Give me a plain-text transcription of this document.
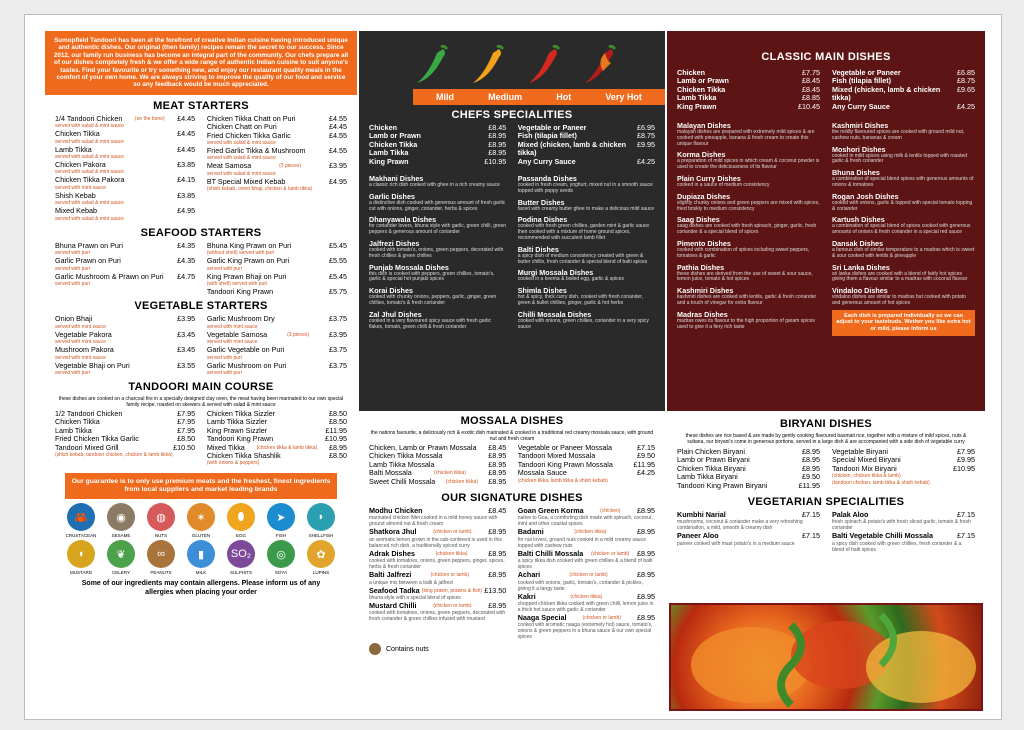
Sumopfield Tandoori has been at the forefront of creative Indian cuisine having introduced unique and authentic dishes. Our original (then family) recipes remain the secret to our success. Since 2012, our family run business has become an integral part of the community. Our chefs prepare all of our dishes completely fresh & we offer a wide range of authentic Indian cuisine to suit anyone's tastes. Find your favourite or try something new, and enjoy our restaurant quality meals in the comfort of your own home. We are always striving to improve the quality of our food and service so any feedback would be much appreciated.
MEAT STARTERS
1/4 Tandoori Chicken	(on the bone) £4.45
served with salad & mint sauce
Chicken Tikka	£4.45
served with salad & mint sauce
Lamb Tikka	£4.45
served with salad & mint sauce
Chicken Pakora	£3.85
served with salad & mint sauce
Chicken Tikka Pakora	£4.15
served with mint sauce
Shish Kebab	£3.85
served with salad & mint sauce
Mixed Kebab	£4.95
served with salad & mint sauce
Chicken Tikka Chatt on Puri	£4.55
Chicken Chatt on Puri	£4.45
Fried Chicken Tikka Garlic	£4.55
served with salad & mint sauce
Fried Garlic Tikka & Mushroom	£4.55
served with salad & mint sauce
Meat Samosa	(3 pieces)	£3.95
served with salad & mint sauce
BT Special Mixed Kebab	£4.95
(shish kebab, onion bhaji, chicken & lamb tikka)
SEAFOOD STARTERS
Bhuna Prawn on Puri	£4.35
served with puri
Garlic Prawn on Puri	£4.35
served with puri
Garlic Mushroom & Prawn on Puri £4.75
served with puri
Bhuna King Prawn on Puri	£5.45
(without shell) served with puri
Garlic King Prawn on Puri	£5.55
served with puri
King Prawn Bhaji on Puri	£5.45
(with shell) served with puri
Tandoori King Prawn	£5.75
VEGETABLE STARTERS
Onion Bhaji	£3.95
served with mint sauce
Vegetable Pakora	£3.45
served with mint sauce
Mushroom Pakora	£3.45
served with mint sauce
Vegetable Bhaji on Puri	£3.55
served with puri
Garlic Mushroom Dry	£3.75
served with mint sauce
Vegetable Samosa	(3 pieces)	£3.95
served with mint sauce
Garlic Vegetable on Puri	£3.75
served with puri
Garlic Mushroom on Puri	£3.75
served with puri
TANDOORI MAIN COURSE
these dishes are cooked on a charcoal fire in a specially designed clay oven, the meat having been marinated to our own special family recipe, roasted on skewers & served with salad & mint sauce
1/2 Tandoori Chicken	£7.95
Chicken Tikka	£7.95
Lamb Tikka	£7.95
Fried Chicken Tikka Garlic	£8.50
Tandoori Mixed Grill	£10.50
(shish kebab, tandoori chicken, chicken & lamb tikka)
Chicken Tikka Sizzler	£8.50
Lamb Tikka Sizzler	£8.50
King Prawn Sizzler	£11.95
Tandoori King Prawn	£10.95
Mixed Tikka (chicken tikka & lamb tikka) £8.95
Chicken Tikka Shashlik	£8.50
(with onions & peppers)
Our guarantee is to only use premium meats and the freshest, finest ingredients from local suppliers and market leading brands
🦀
CRUSTACEAN
◉
SESAME
◍
NUTS
✶
GLUTEN
⬮
EGG
➤
FISH
◗
SHELLFISH
◖
MUSTARD
❦
CELERY
∞
PEANUTS
▮
MILK
SO₂
SULPHITS
◎
SOYA
✿
LUPINS
Some of our ingredients may contain allergens. Please inform us of any allergies when placing your order
Mild	Medium	Hot	Very Hot
CHEFS SPECIALITIES
Chicken	£8.45
Lamb or Prawn	£8.95
Chicken Tikka	£8.95
Lamb Tikka	£8.95
King Prawn	£10.95
Vegetable or Paneer	£6.95
Fish (tilapia fillet)	£8.75
Mixed (chicken, lamb & chicken tikka)
£9.95
Any Curry Sauce	£4.25
Makhani Dishes
a classic rich dish cooked with ghee in a rich creamy sauce
Garlic Dishes
a distinctive dish cooked with generous amount of fresh garlic cut with onions, ginger, coriander, herbs & spices
Dhanyawala Dishes
for coriander lovers, bhuna style with garlic, green chilli, green peppers & generous amount of coriander
Jalfrezi Dishes
cooked with tomato's, onions, green peppers, decorated with fresh chillies & green chillies
Punjab Mossala Dishes
this dish is cooked with peppers, green chillies, tomato's, garlic & special hot punjabi spices
Korai Dishes
cooked with chunky onions, peppers, garlic, ginger, green chillies, tomato's & fresh coriander
Zal Jhul Dishes
cooked in a very flavoured spicy sauce with fresh garlic flakes, tomato, green chilli & fresh coriander
Passanda Dishes
cooked in fresh cream, yoghurt, mixed nut in a smooth sauce topped with poppy seeds
Butter Dishes
faced with creamy butter ghee to make a delicious mild sauce
Podina Dishes
cooked with fresh green chillies, garden mint & garlic sauce then cooked with a mixture of home ground spices, recommended with succulent lamb fillet
Balti Dishes
a spicy dish of medium consistency created with green & butter chillis, fresh coriander & special blend of balti spices
Murgi Mossala Dishes
cooked in a keema & boiled egg, garlic & spices
Shimla Dishes
hot & spicy, thick curry dish, cooked with fresh coriander, green & bullet chillies, ginger, garlic & hot herbs
Chilli Mossala Dishes
cooked with onions, green chillies, coriander in a very spicy sauce
MOSSALA DISHES
the nations favourite, a deliciously rich & exotic dish marinated & cooked in a traditional red creamy mossala sauce, with ground nut and fresh cream
Chicken, Lamb or Prawn Mossala £8.45
Chicken Tikka Mossala	£8.95
Lamb Tikka Mossala	£8.95
Balti Mossala	(chicken tikka)	£8.95
Sweet Chilli Mossala (chicken tikka) £8.95
Vegetable or Paneer Mossala	£7.15
Tandoori Mixed Mossala	£9.50
Tandoori King Prawn Mossala	£11.95
Mossala Sauce	£4.25
(chicken tikka, lamb tikka & shish kebab)
OUR SIGNATURE DISHES
Modhu Chicken	£8.45
marinated chicken fillet cooked in a mild honey sauce with ground almond nut & fresh cream
Shatkora Jhul	(chicken or lamb) £8.95
an aromatic lemon grown in the sub-continent is used in this balanced rich dish, a traditionally spiced curry
Adrak Dishes	(chicken tikka)	£8.95
cooked with tomatoes, onions, green peppers, ginger, spices, herbs & fresh coriander
Balti Jalfrezi	(chicken or lamb)	£8.95
a unique mix between a balti & jalfrezi
Seafood Tadka (king prawn, prawns & fish) £13.50
bhuna style with a special blend of spices
Mustard Chilli	(chicken or lamb) £8.95
cooked with tomatoes, onions, green peppers, decorated with fresh coriander & green chillies infused with mustard
Goan Green Korma	(chicken) £8.95
native to Goa, a comforting dish made with spinach, coconut, mint and other coastal spices
Badami	(chicken tikka)	£8.95
for nut lovers, ground nuts cooked in a mild creamy sauce topped with cashew nuts
Balti Chilli Mossala (chicken or lamb) £8.95
a spicy tikka dish cooked with green chillies & a blend of balti spices
Achari	(chicken or lamb)	£8.95
cooked with onions, garlic, tomato's, coriander & pickles, giving it a tangy taste
Kakri	(chicken tikka)	£8.95
chopped chicken tikka cooked with green chilli, lemon juice in a thick hot sauce with garlic & coriander
Naaga Special	(chicken or lamb) £8.95
cooked with aromatic naaga (extremely hot) sauce, tomato's, onions & green peppers in a bhuna sauce & our own special spices
Contains nuts
CLASSIC MAIN DISHES
Chicken	£7.75
Lamb or Prawn	£8.45
Chicken Tikka	£8.45
Lamb Tikka	£8.85
King Prawn	£10.45
Vegetable or Paneer	£6.85
Fish (tilapia fillet)	£8.75
Mixed (chicken, lamb & chicken tikka)
£9.65
Any Curry Sauce	£4.25
Malayan Dishes
malayan dishes are prepared with extremely mild spices & are cooked with pineapple, banana & fresh cream to create this unique flavour
Korma Dishes
a preparation of mild spices in which cream & coconut powder is used to create the deliciousness of its flavour
Plain Curry Dishes
cooked in a sauce of medium consistency
Dupiaza Dishes
slightly chunky onions and green peppers are mixed with spices, fried briskly to medium consistency
Saag Dishes
saag dishes are cooked with fresh spinach, ginger, garlic, fresh coriander & a special blend of spices
Pimento Dishes
cooked with combination of spices including sweet peppers, tomatoes & garlic
Pathia Dishes
these dishes are derived from the use of sweet & sour sauce, lemon juice, tomato & hot spices
Kashmiri Dishes
kashmiri dishes are cooked with lentils, garlic & fresh coriander and a touch of vinegar for extra flavour
Madras Dishes
madras owes its flavour to the high proportion of garam spices used to give it a fiery rich taste
Kashmiri Dishes
the mildly flavoured spices are cooked with ground mild nut, cashew nuts, bananas & cream
Moshori Dishes
cooked in mild spices using milk & lentils topped with roasted garlic & fresh coriander
Bhuna Dishes
a combination of special blend spices with generous amounts of onions & tomatoes
Rogan Josh Dishes
cooked with onions, garlic & topped with special tomato topping & coriander
Kartush Dishes
a combination of special blend of spices cooked with generous amounts of onions & fresh coriander in a special red sauce
Dansak Dishes
a famous dish of similar temperature to a madras which is sweet & sour cooked with lentils & pineapple
Sri Lanka Dishes
sri lanka dishes are cooked with a blend of fairly hot spices giving them a flavour similar to a madras with coconut flavour
Vindaloo Dishes
vindaloo dishes are similar to madras but cooked with potato and generous amount of hot spices
Each dish is prepared individually so we can adjust to your tastebuds. Wether you like extra hot or mild, please inform us
BIRYANI DISHES
these dishes are rice based & are made by gently cooking flavoured basmati rice, together with a mixture of mild spices, nuts & sultana, our biryani's come in generous portions, served in a large dish & are accompanied with a side dish of vegetable curry
Plain Chicken Biryani	£8.95
Lamb or Prawn Biryani	£8.95
Chicken Tikka Biryani	£8.95
Lamb Tikka Biryani	£9.50
Tandoori King Prawn Biryani	£11.95
Vegetable Biryani	£7.95
Special Mixed Biryani	£9.95
Tandoori Mix Biryani	£10.95
(chicken, chicken tikka & lamb)
(tandoori chicken, lamb tikka & shish kebab)
VEGETARIAN SPECIALITIES
Kumbhi Narial	£7.15
mushrooms, coconut & coriander make a very refreshing combination, a mild, smooth & creamy dish
Paneer Aloo	£7.15
paneer cooked with mast potato's in a medium sauce
Palak Aloo	£7.15
fresh spinach & potato's with fresh sliced garlic, tomato & fresh coriander
Balti Vegetable Chilli Mossala	£7.15
a spicy dish cooked with green chillies, fresh coriander & a blend of balti spices
